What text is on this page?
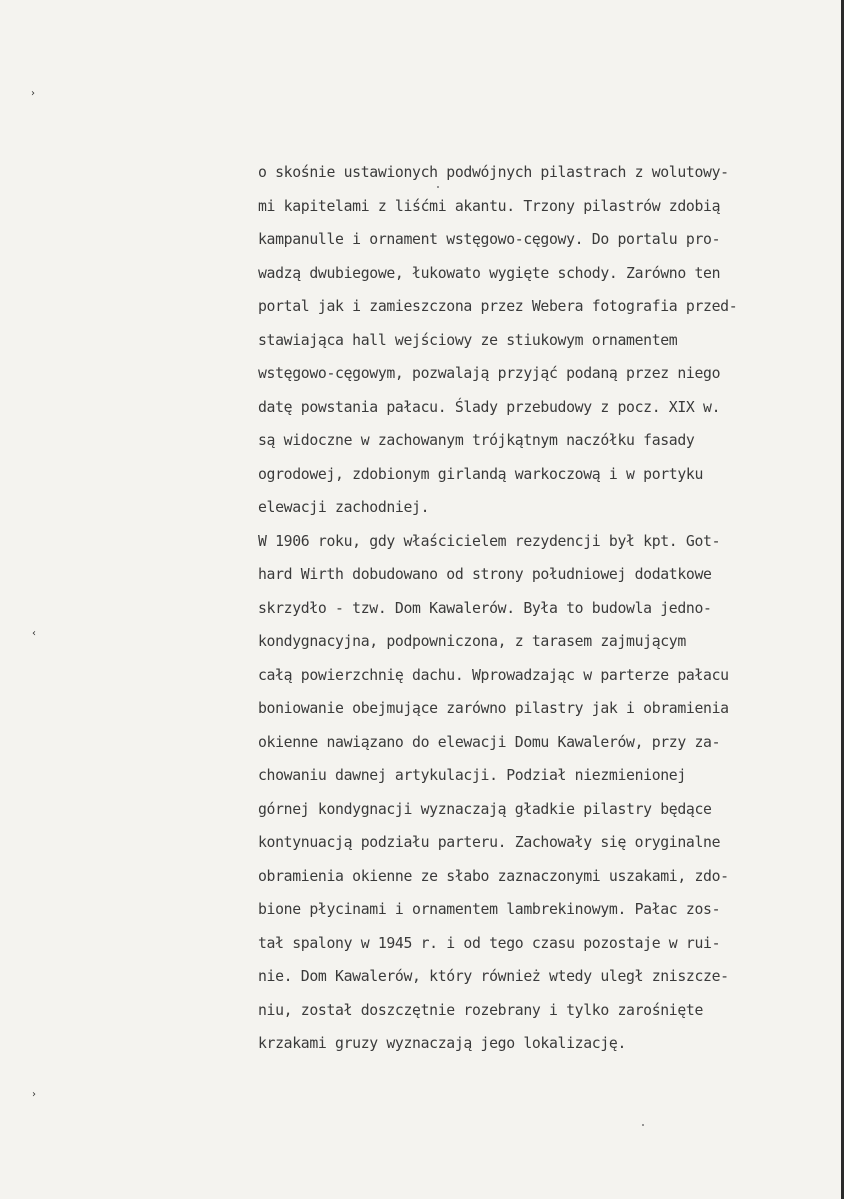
›
‹
›
o skośnie ustawionych podwójnych pilastrach z wolutowy-
mi kapitelami z liśćmi akantu. Trzony pilastrów zdobią
kampanulle i ornament wstęgowo-cęgowy. Do portalu pro-
wadzą dwubiegowe, łukowato wygięte schody. Zarówno ten
portal jak i zamieszczona przez Webera fotografia przed-
stawiająca hall wejściowy ze stiukowym ornamentem
wstęgowo-cęgowym, pozwalają przyjąć podaną przez niego
datę powstania pałacu. Ślady przebudowy z pocz. XIX w.
są widoczne w zachowanym trójkątnym naczółku fasady
ogrodowej, zdobionym girlandą warkoczową i w portyku
elewacji zachodniej.
W 1906 roku, gdy właścicielem rezydencji był kpt. Got-
hard Wirth dobudowano od strony południowej dodatkowe
skrzydło - tzw. Dom Kawalerów. Była to budowla jedno-
kondygnacyjna, podpowniczona, z tarasem zajmującym
całą powierzchnię dachu. Wprowadzając w parterze pałacu
boniowanie obejmujące zarówno pilastry jak i obramienia
okienne nawiązano do elewacji Domu Kawalerów, przy za-
chowaniu dawnej artykulacji. Podział niezmienionej
górnej kondygnacji wyznaczają gładkie pilastry będące
kontynuacją podziału parteru. Zachowały się oryginalne
obramienia okienne ze słabo zaznaczonymi uszakami, zdo-
bione płycinami i ornamentem lambrekinowym. Pałac zos-
tał spalony w 1945 r. i od tego czasu pozostaje w rui-
nie. Dom Kawalerów, który również wtedy uległ zniszcze-
niu, został doszczętnie rozebrany i tylko zarośnięte
krzakami gruzy wyznaczają jego lokalizację.
